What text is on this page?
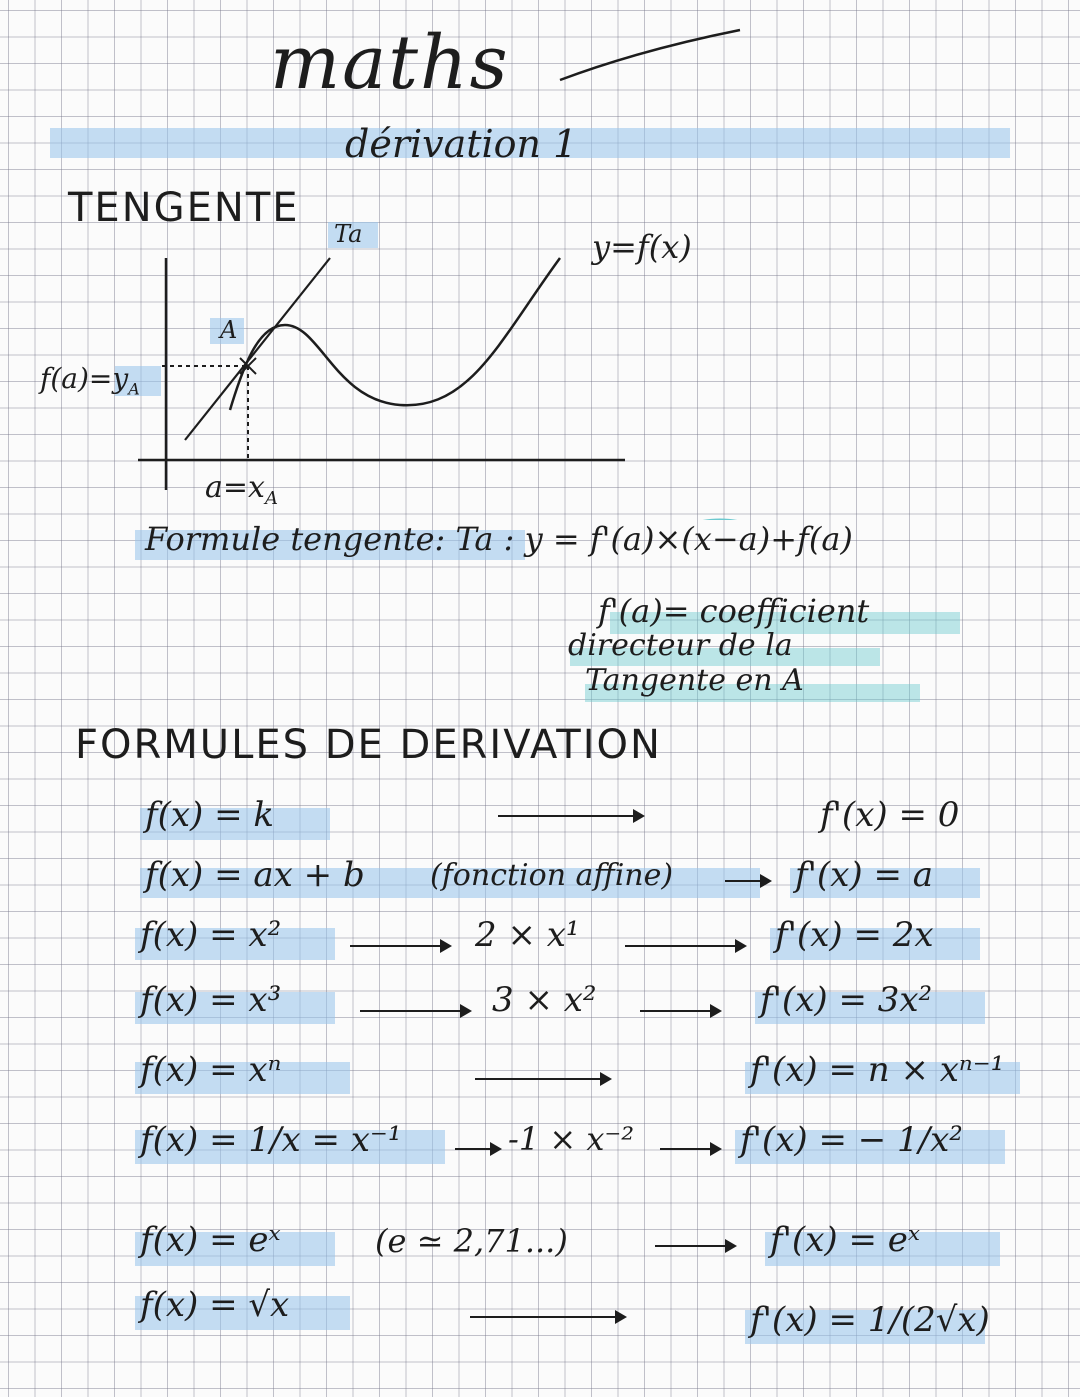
maths
dérivation 1
TENGENTE
Ta	y=f(x)
A
$f(a)=y_A$
$a=x_A$
Formule tengente: Ta : y = f'(a)×(x−a)+f(a)
f'(a)= coefficient
directeur de la
Tangente en A
FORMULES DE DERIVATION
f(x) = k	f'(x) = 0
f(x) = ax + b (fonction affine)	f'(x) = a
f(x) = x²	2 × x¹	f'(x) = 2x
f(x) = x³	3 × x²	f'(x) = 3x²
f(x) = xⁿ	f'(x) = n × xⁿ⁻¹
f(x) = 1/x = x⁻¹	-1 × x⁻²	f'(x) = − 1/x²
f(x) = eˣ	(e ≃ 2,71...)	f'(x) = eˣ
f(x) = √x	f'(x) = 1/(2√x)
